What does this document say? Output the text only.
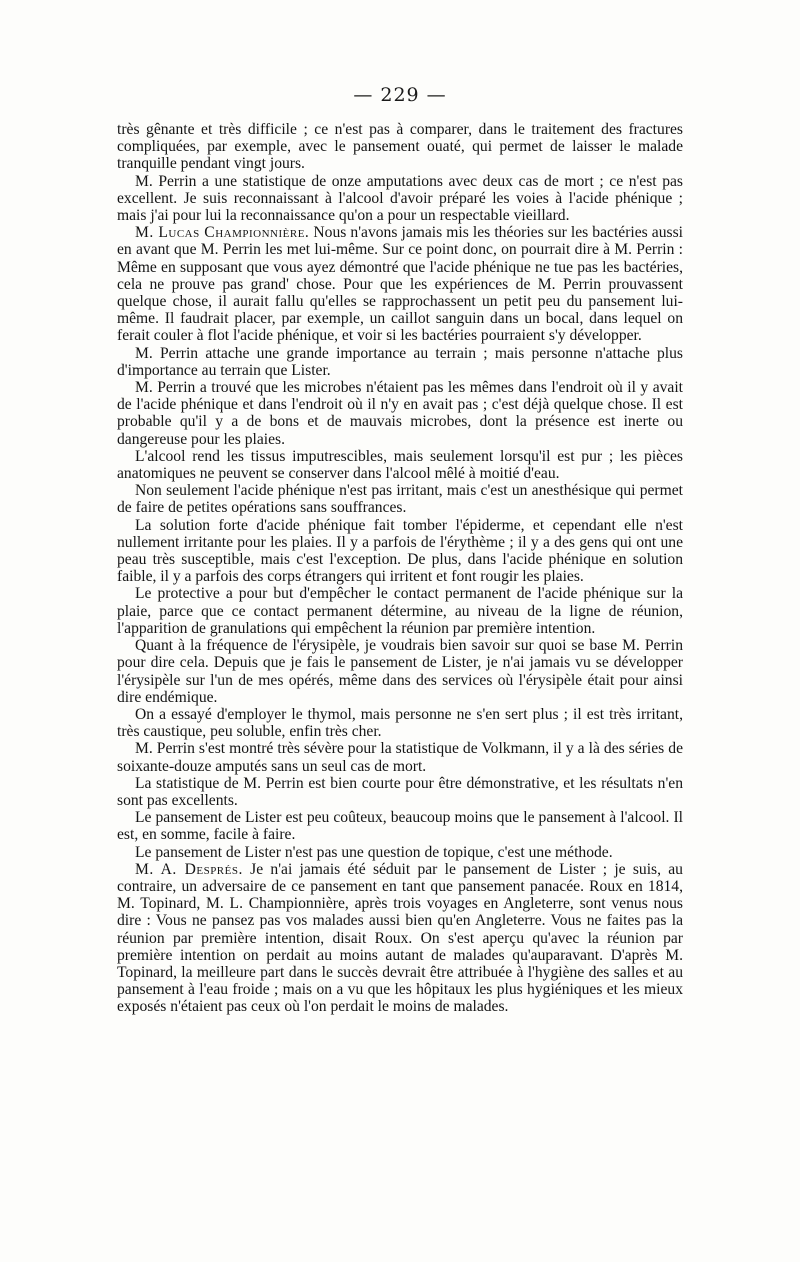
— 229 —

très gênante et très difficile ; ce n'est pas à comparer, dans le traitement des fractures compliquées, par exemple, avec le pansement ouaté, qui permet de laisser le malade tranquille pendant vingt jours.

M. Perrin a une statistique de onze amputations avec deux cas de mort ; ce n'est pas excellent. Je suis reconnaissant à l'alcool d'avoir préparé les voies à l'acide phénique ; mais j'ai pour lui la reconnaissance qu'on a pour un respectable vieillard.

M. Lucas Championnière. Nous n'avons jamais mis les théories sur les bactéries aussi en avant que M. Perrin les met lui-même. Sur ce point donc, on pourrait dire à M. Perrin : Même en supposant que vous ayez démontré que l'acide phénique ne tue pas les bactéries, cela ne prouve pas grand' chose. Pour que les expériences de M. Perrin prouvassent quelque chose, il aurait fallu qu'elles se rapprochassent un petit peu du pansement lui-même. Il faudrait placer, par exemple, un caillot sanguin dans un bocal, dans lequel on ferait couler à flot l'acide phénique, et voir si les bactéries pourraient s'y développer.

M. Perrin attache une grande importance au terrain ; mais personne n'attache plus d'importance au terrain que Lister.

M. Perrin a trouvé que les microbes n'étaient pas les mêmes dans l'endroit où il y avait de l'acide phénique et dans l'endroit où il n'y en avait pas ; c'est déjà quelque chose. Il est probable qu'il y a de bons et de mauvais microbes, dont la présence est inerte ou dangereuse pour les plaies.

L'alcool rend les tissus imputrescibles, mais seulement lorsqu'il est pur ; les pièces anatomiques ne peuvent se conserver dans l'alcool mêlé à moitié d'eau.

Non seulement l'acide phénique n'est pas irritant, mais c'est un anesthésique qui permet de faire de petites opérations sans souffrances.

La solution forte d'acide phénique fait tomber l'épiderme, et cependant elle n'est nullement irritante pour les plaies. Il y a parfois de l'érythème ; il y a des gens qui ont une peau très susceptible, mais c'est l'exception. De plus, dans l'acide phénique en solution faible, il y a parfois des corps étrangers qui irritent et font rougir les plaies.

Le protective a pour but d'empêcher le contact permanent de l'acide phénique sur la plaie, parce que ce contact permanent détermine, au niveau de la ligne de réunion, l'apparition de granulations qui empêchent la réunion par première intention.

Quant à la fréquence de l'érysipèle, je voudrais bien savoir sur quoi se base M. Perrin pour dire cela. Depuis que je fais le pansement de Lister, je n'ai jamais vu se développer l'érysipèle sur l'un de mes opérés, même dans des services où l'érysipèle était pour ainsi dire endémique.

On a essayé d'employer le thymol, mais personne ne s'en sert plus ; il est très irritant, très caustique, peu soluble, enfin très cher.

M. Perrin s'est montré très sévère pour la statistique de Volkmann, il y a là des séries de soixante-douze amputés sans un seul cas de mort.

La statistique de M. Perrin est bien courte pour être démonstrative, et les résultats n'en sont pas excellents.

Le pansement de Lister est peu coûteux, beaucoup moins que le pansement à l'alcool. Il est, en somme, facile à faire.

Le pansement de Lister n'est pas une question de topique, c'est une méthode.

M. A. Després. Je n'ai jamais été séduit par le pansement de Lister ; je suis, au contraire, un adversaire de ce pansement en tant que pansement panacée. Roux en 1814, M. Topinard, M. L. Championnière, après trois voyages en Angleterre, sont venus nous dire : Vous ne pansez pas vos malades aussi bien qu'en Angleterre. Vous ne faites pas la réunion par première intention, disait Roux. On s'est aperçu qu'avec la réunion par première intention on perdait au moins autant de malades qu'auparavant. D'après M. Topinard, la meilleure part dans le succès devrait être attribuée à l'hygiène des salles et au pansement à l'eau froide ; mais on a vu que les hôpitaux les plus hygiéniques et les mieux exposés n'étaient pas ceux où l'on perdait le moins de malades.
